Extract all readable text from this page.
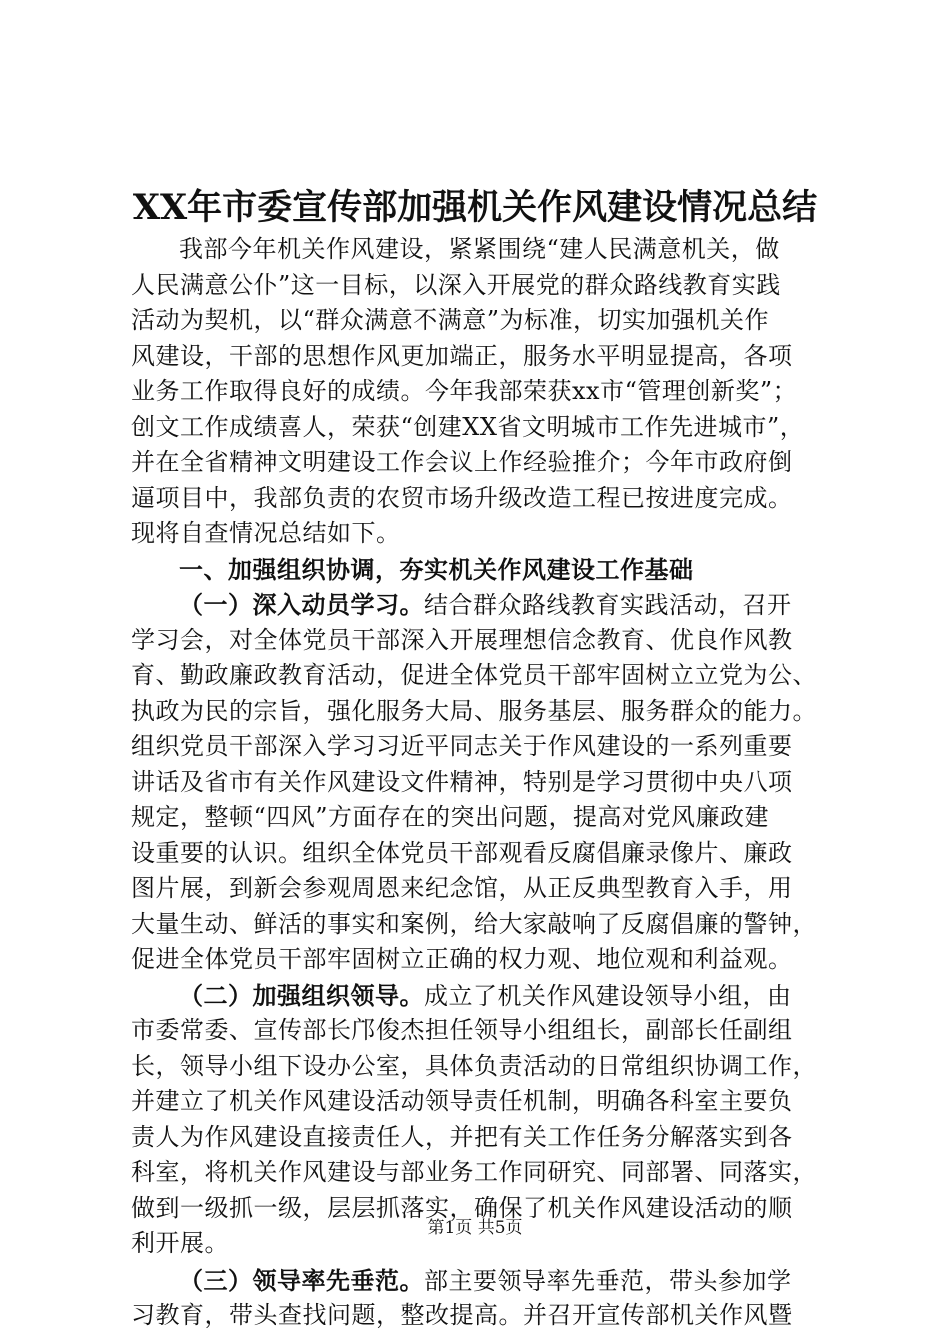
XX年市委宣传部加强机关作风建设情况总结
我部今年机关作风建设，紧紧围绕“建人民满意机关，做
人民满意公仆”这一目标，以深入开展党的群众路线教育实践
活动为契机，以“群众满意不满意”为标准，切实加强机关作
风建设，干部的思想作风更加端正，服务水平明显提高，各项
业务工作取得良好的成绩。今年我部荣获xx市“管理创新奖”；
创文工作成绩喜人，荣获“创建XX省文明城市工作先进城市”，
并在全省精神文明建设工作会议上作经验推介；今年市政府倒
逼项目中，我部负责的农贸市场升级改造工程已按进度完成。
现将自查情况总结如下。
一、加强组织协调，夯实机关作风建设工作基础
（一）深入动员学习。结合群众路线教育实践活动，召开
学习会，对全体党员干部深入开展理想信念教育、优良作风教
育、勤政廉政教育活动，促进全体党员干部牢固树立立党为公、
执政为民的宗旨，强化服务大局、服务基层、服务群众的能力。
组织党员干部深入学习习近平同志关于作风建设的一系列重要
讲话及省市有关作风建设文件精神，特别是学习贯彻中央八项
规定，整顿“四风”方面存在的突出问题，提高对党风廉政建
设重要的认识。组织全体党员干部观看反腐倡廉录像片、廉政
图片展，到新会参观周恩来纪念馆，从正反典型教育入手，用
大量生动、鲜活的事实和案例，给大家敲响了反腐倡廉的警钟，
促进全体党员干部牢固树立正确的权力观、地位观和利益观。
（二）加强组织领导。成立了机关作风建设领导小组，由
市委常委、宣传部长邝俊杰担任领导小组组长，副部长任副组
长，领导小组下设办公室，具体负责活动的日常组织协调工作，
并建立了机关作风建设活动领导责任机制，明确各科室主要负
责人为作风建设直接责任人，并把有关工作任务分解落实到各
科室，将机关作风建设与部业务工作同研究、同部署、同落实，
做到一级抓一级，层层抓落实，确保了机关作风建设活动的顺
利开展。
（三）领导率先垂范。部主要领导率先垂范，带头参加学
习教育，带头查找问题，整改提高。并召开宣传部机关作风暨
第1页 共5页
